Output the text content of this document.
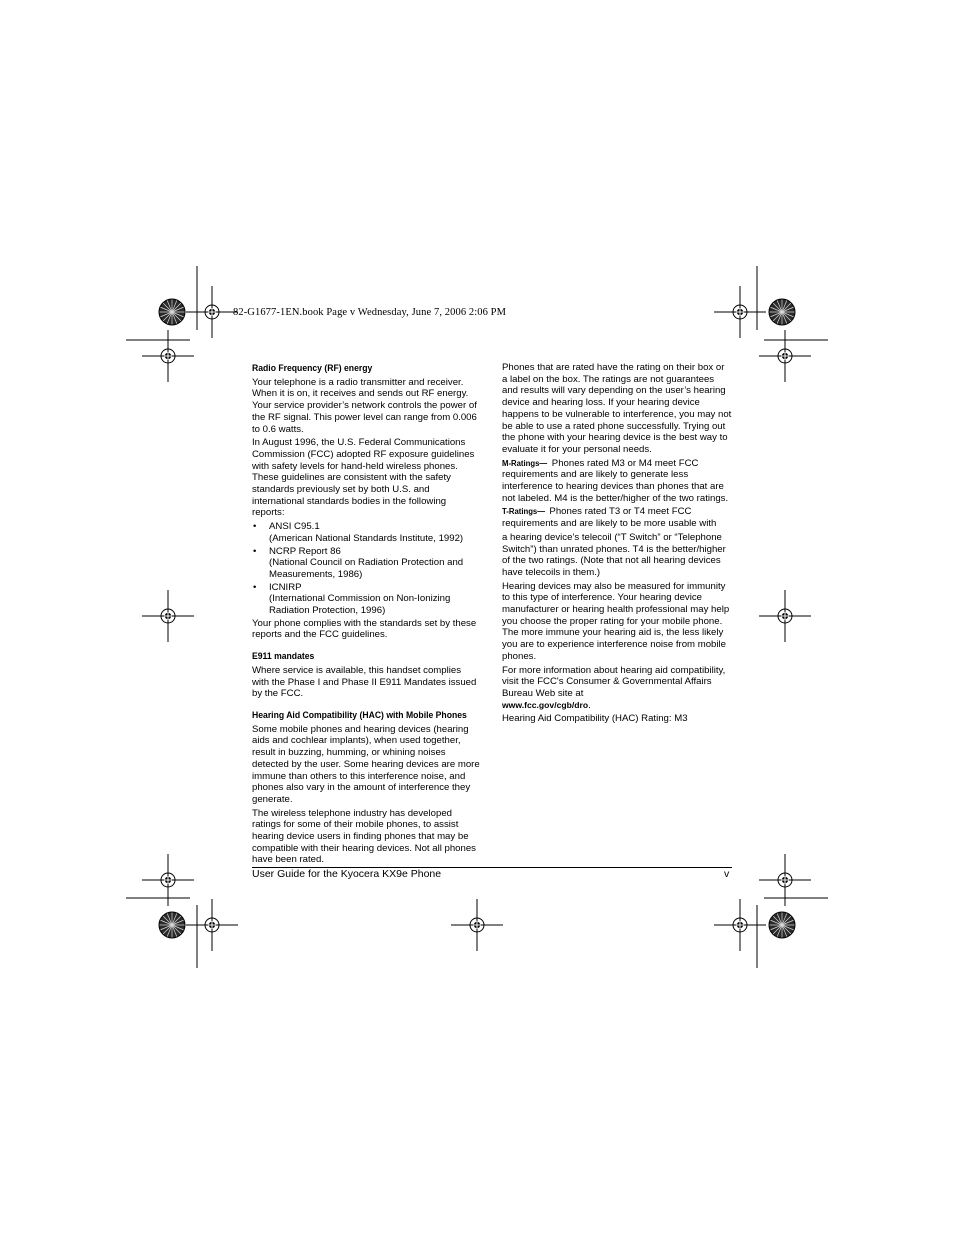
82-G1677-1EN.book Page v Wednesday, June 7, 2006 2:06 PM
Radio Frequency (RF) energy

Your telephone is a radio transmitter and receiver. When it is on, it receives and sends out RF energy. Your service provider’s network controls the power of the RF signal. This power level can range from 0.006 to 0.6 watts.

In August 1996, the U.S. Federal Communications Commission (FCC) adopted RF exposure guidelines with safety levels for hand-held wireless phones. These guidelines are consistent with the safety standards previously set by both U.S. and international standards bodies in the following reports:

• ANSI C95.1
(American National Standards Institute, 1992)
• NCRP Report 86
(National Council on Radiation Protection and Measurements, 1986)
• ICNIRP
(International Commission on Non-Ionizing Radiation Protection, 1996)

Your phone complies with the standards set by these reports and the FCC guidelines.

E911 mandates

Where service is available, this handset complies with the Phase I and Phase II E911 Mandates issued by the FCC.

Hearing Aid Compatibility (HAC) with Mobile Phones

Some mobile phones and hearing devices (hearing aids and cochlear implants), when used together, result in buzzing, humming, or whining noises detected by the user. Some hearing devices are more immune than others to this interference noise, and phones also vary in the amount of interference they generate.

The wireless telephone industry has developed ratings for some of their mobile phones, to assist hearing device users in finding phones that may be compatible with their hearing devices. Not all phones have been rated.

Phones that are rated have the rating on their box or a label on the box. The ratings are not guarantees and results will vary depending on the user’s hearing device and hearing loss. If your hearing device happens to be vulnerable to interference, you may not be able to use a rated phone successfully. Trying out the phone with your hearing device is the best way to evaluate it for your personal needs.

M-Ratings— Phones rated M3 or M4 meet FCC requirements and are likely to generate less interference to hearing devices than phones that are not labeled. M4 is the better/higher of the two ratings.

T-Ratings— Phones rated T3 or T4 meet FCC requirements and are likely to be more usable with

a hearing device’s telecoil (“T Switch” or “Telephone Switch”) than unrated phones. T4 is the better/higher of the two ratings. (Note that not all hearing devices have telecoils in them.)

Hearing devices may also be measured for immunity to this type of interference. Your hearing device manufacturer or hearing health professional may help you choose the proper rating for your mobile phone. The more immune your hearing aid is, the less likely you are to experience interference noise from mobile phones.

For more information about hearing aid compatibility, visit the FCC's Consumer & Governmental Affairs Bureau Web site at

www.fcc.gov/cgb/dro.

Hearing Aid Compatibility (HAC) Rating: M3

User Guide for the Kyocera KX9e Phone	v
